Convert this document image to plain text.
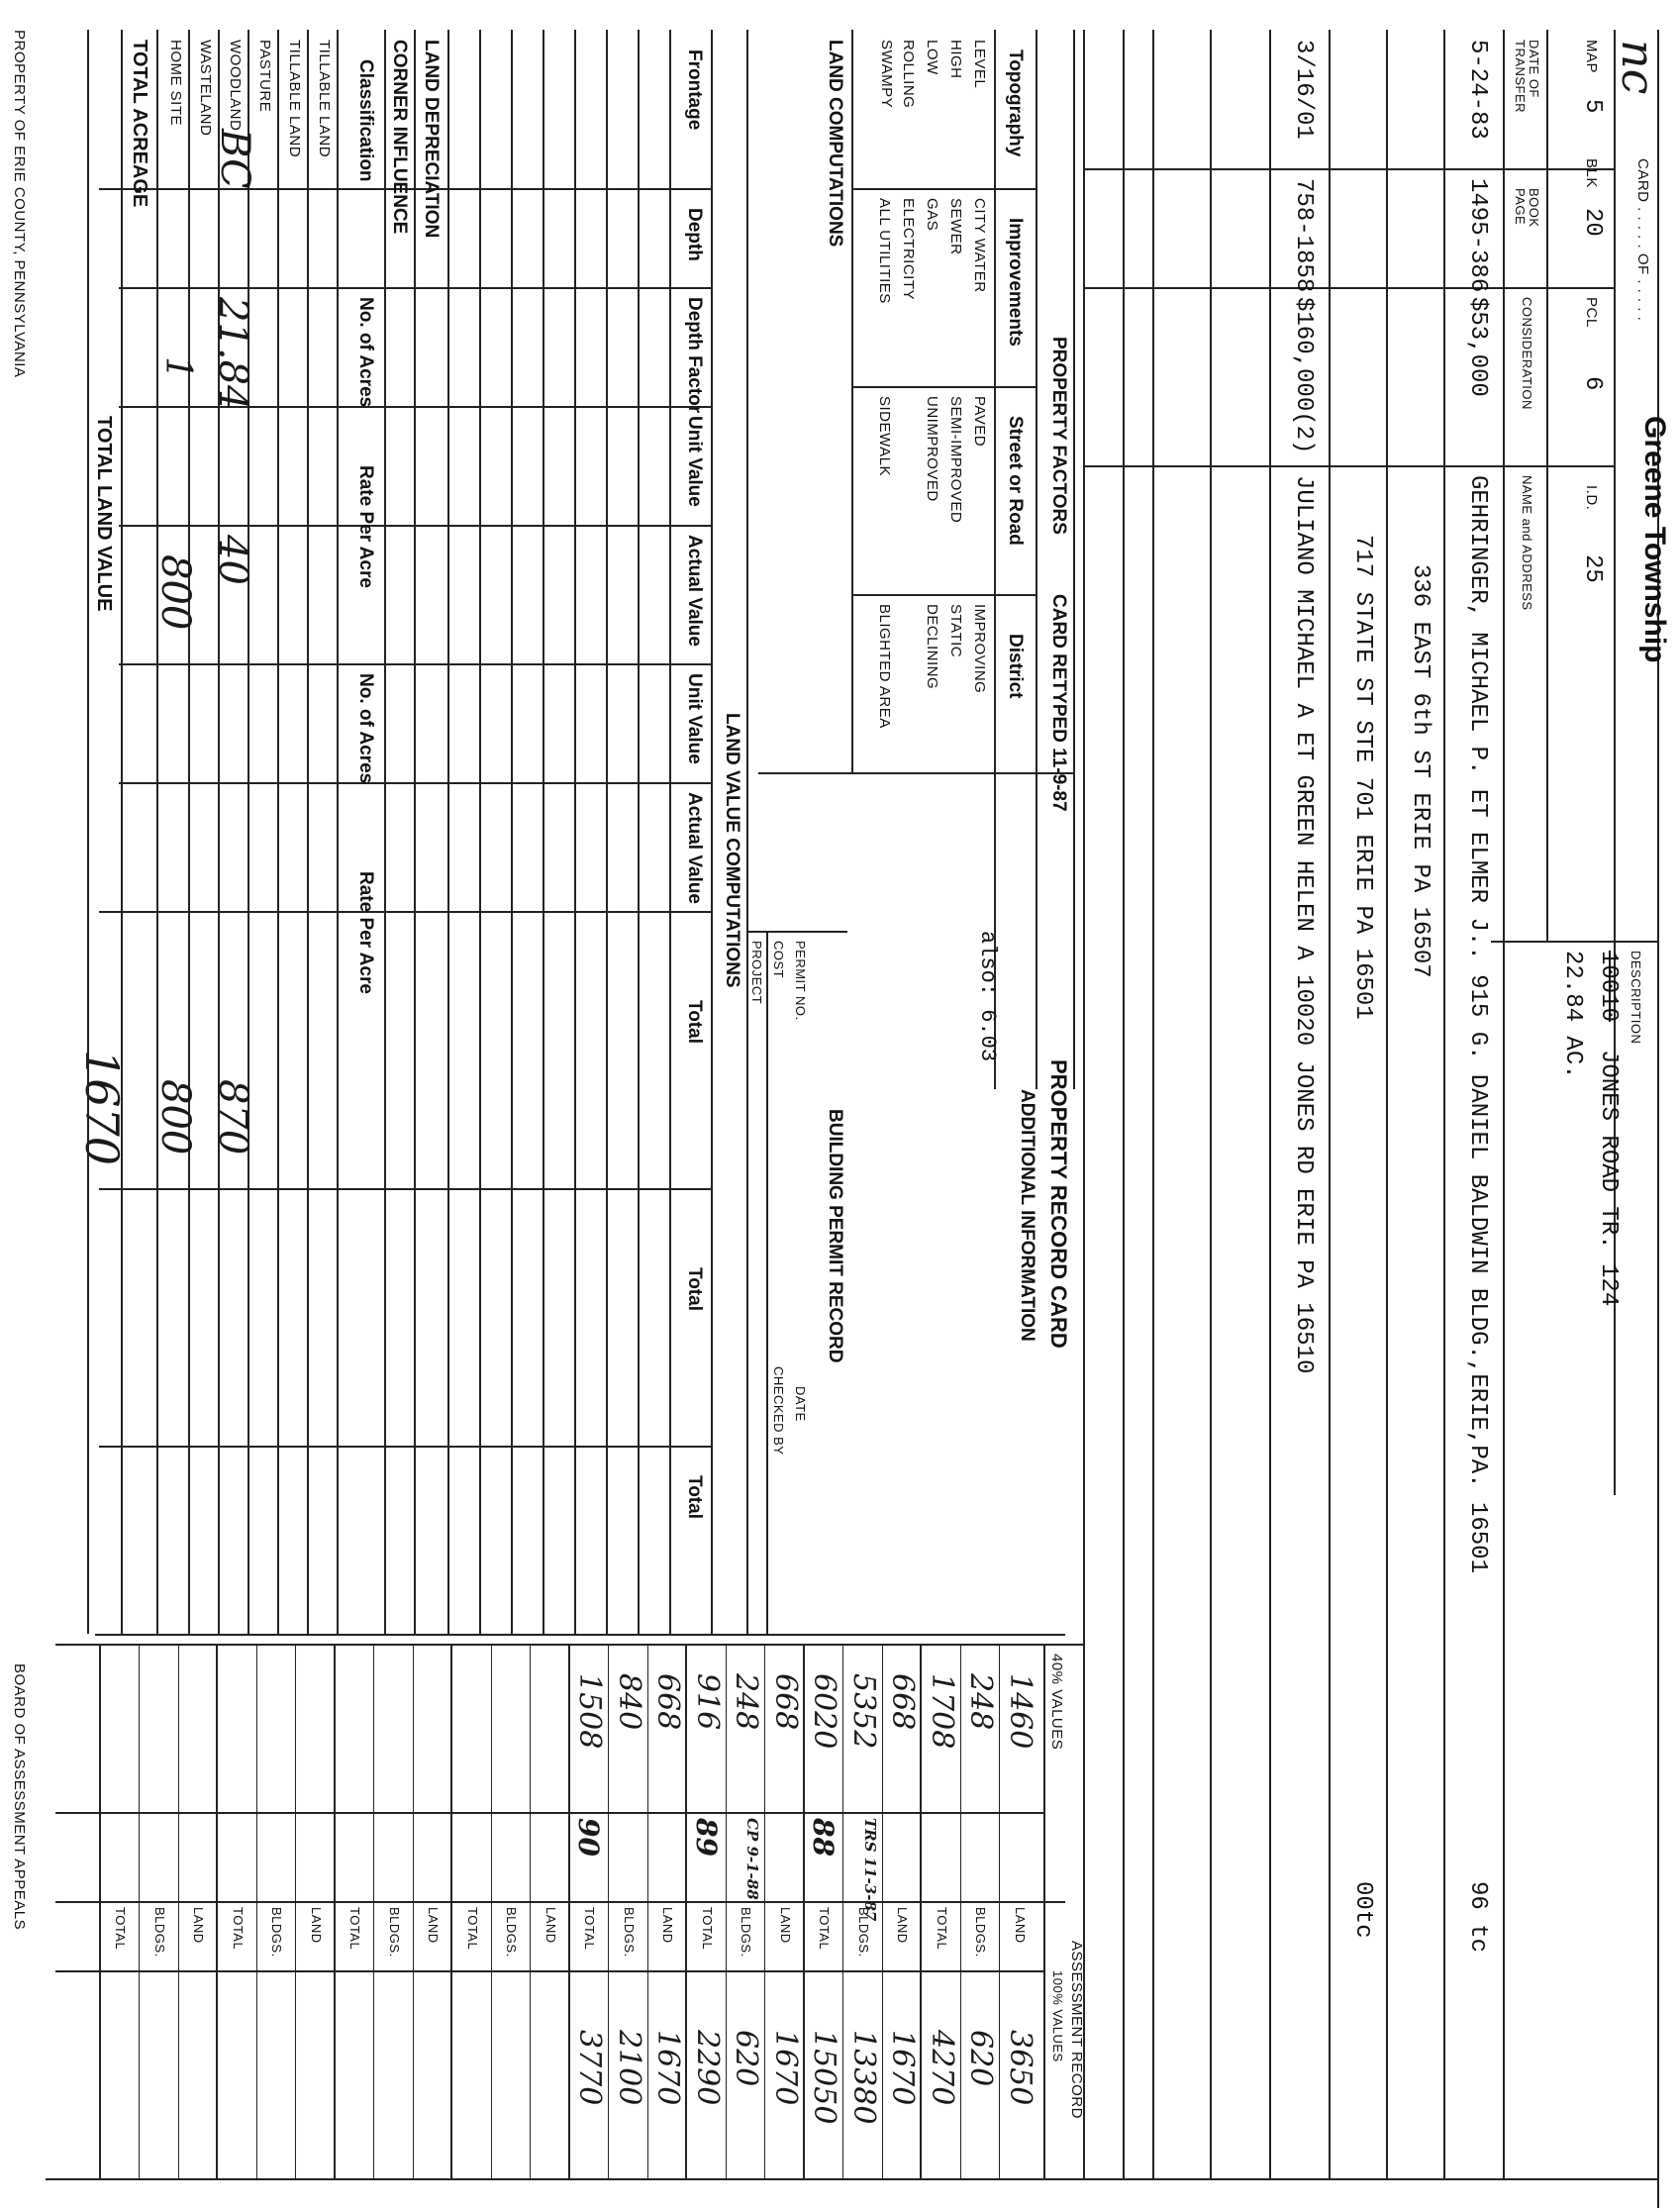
nc
CARD . . . . . OF . . . . .
Greene Township
MAP
5
BLK
20
PCL
6
I.D.
25
DESCRIPTION
10010
JONES ROAD TR. 124
22.84 AC.
DATE OF TRANSFER
BOOK PAGE
CONSIDERATION
NAME and ADDRESS
5-24-83
1495-386
$53,000
GEHRINGER, MICHAEL P. ET ELMER J.. 915 G. DANIEL BALDWIN BLDG.,ERIE,PA. 16501
96 tc
336 EAST 6th ST ERIE PA 16507
717 STATE ST STE 701 ERIE PA 16501
00tc
3/16/01
758-1858
$160,000(2)
JULIANO MICHAEL A ET GREEN HELEN A 10020 JONES RD ERIE PA 16510
PROPERTY FACTORS
CARD RETYPED 11-9-87
Topography
Improvements
Street or Road
District
LEVEL
HIGH
LOW
ROLLING
SWAMPY
CITY WATER
SEWER
GAS
ELECTRICITY
ALL UTILITIES
PAVED
SEMI-IMPROVED
UNIMPROVED
SIDEWALK
IMPROVING
STATIC
DECLINING
BLIGHTED AREA
LAND COMPUTATIONS
PROPERTY RECORD CARD
ADDITIONAL INFORMATION
also: 6.03
BUILDING PERMIT RECORD
PERMIT NO.
COST
PROJECT
DATE
CHECKED BY
LAND VALUE COMPUTATIONS
Frontage
Depth
Depth Factor
Unit Value
Actual Value
Unit Value
Actual Value
Total
Total
Total
LAND DEPRECIATION
CORNER INFLUENCE
Classification
No. of Acres
Rate Per Acre
No. of Acres
Rate Per Acre
TILLABLE LAND
TILLABLE LAND
PASTURE
WOODLAND
BC
21.84
40
870
WASTELAND
HOME SITE
1
800
800
TOTAL ACREAGE
TOTAL LAND VALUE
1670
40% VALUES
ASSESSMENT RECORD
100% VALUES
LAND
1460
3650
BLDGS.
248
620
TOTAL
1708
4270
LAND
668
1670
BLDGS.
5352
TRS 11-3-87
13380
TOTAL
6020
88
15050
LAND
668
1670
BLDGS.
248
CP 9-1-88
620
TOTAL
916
89
2290
LAND
668
1670
BLDGS.
840
2100
TOTAL
1508
90
3770
LAND
BLDGS.
TOTAL
LAND
BLDGS.
TOTAL
LAND
BLDGS.
TOTAL
LAND
BLDGS.
TOTAL
PROPERTY OF ERIE COUNTY, PENNSYLVANIA
BOARD OF ASSESSMENT APPEALS
